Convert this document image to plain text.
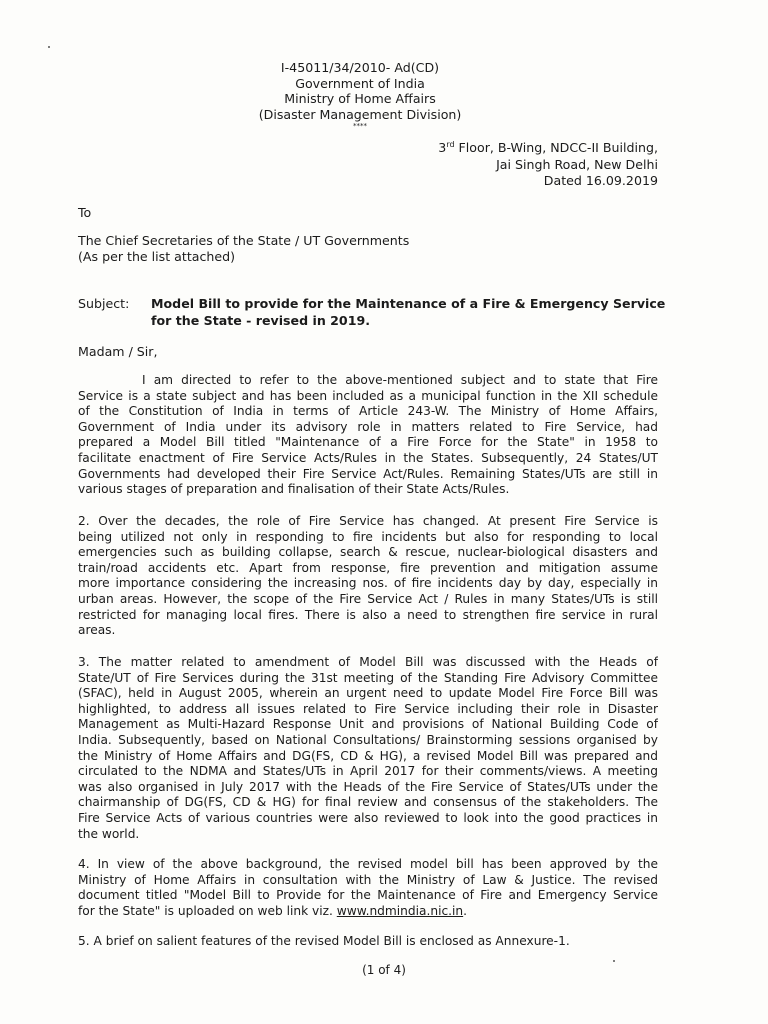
I-45011/34/2010- Ad(CD)
Government of India
Ministry of Home Affairs
(Disaster Management Division)
****
3rd Floor, B-Wing, NDCC-II Building,
Jai Singh Road, New Delhi
Dated 16.09.2019
To
The Chief Secretaries of the State / UT Governments
(As per the list attached)
Subject: Model Bill to provide for the Maintenance of a Fire & Emergency Service for the State - revised in 2019.
Madam / Sir,
I am directed to refer to the above-mentioned subject and to state that Fire
Service is a state subject and has been included as a municipal function in the XII schedule
of the Constitution of India in terms of Article 243-W. The Ministry of Home Affairs,
Government of India under its advisory role in matters related to Fire Service, had
prepared a Model Bill titled "Maintenance of a Fire Force for the State" in 1958 to
facilitate enactment of Fire Service Acts/Rules in the States. Subsequently, 24 States/UT
Governments had developed their Fire Service Act/Rules. Remaining States/UTs are still in
various stages of preparation and finalisation of their State Acts/Rules.
2. Over the decades, the role of Fire Service has changed. At present Fire Service is
being utilized not only in responding to fire incidents but also for responding to local
emergencies such as building collapse, search & rescue, nuclear-biological disasters and
train/road accidents etc. Apart from response, fire prevention and mitigation assume
more importance considering the increasing nos. of fire incidents day by day, especially in
urban areas. However, the scope of the Fire Service Act / Rules in many States/UTs is still
restricted for managing local fires. There is also a need to strengthen fire service in rural
areas.
3. The matter related to amendment of Model Bill was discussed with the Heads of
State/UT of Fire Services during the 31st meeting of the Standing Fire Advisory Committee
(SFAC), held in August 2005, wherein an urgent need to update Model Fire Force Bill was
highlighted, to address all issues related to Fire Service including their role in Disaster
Management as Multi-Hazard Response Unit and provisions of National Building Code of
India. Subsequently, based on National Consultations/ Brainstorming sessions organised by
the Ministry of Home Affairs and DG(FS, CD & HG), a revised Model Bill was prepared and
circulated to the NDMA and States/UTs in April 2017 for their comments/views. A meeting
was also organised in July 2017 with the Heads of the Fire Service of States/UTs under the
chairmanship of DG(FS, CD & HG) for final review and consensus of the stakeholders. The
Fire Service Acts of various countries were also reviewed to look into the good practices in
the world.
4. In view of the above background, the revised model bill has been approved by the
Ministry of Home Affairs in consultation with the Ministry of Law & Justice. The revised
document titled "Model Bill to Provide for the Maintenance of Fire and Emergency Service
for the State" is uploaded on web link viz. www.ndmindia.nic.in.
5. A brief on salient features of the revised Model Bill is enclosed as Annexure-1.
(1 of 4)
